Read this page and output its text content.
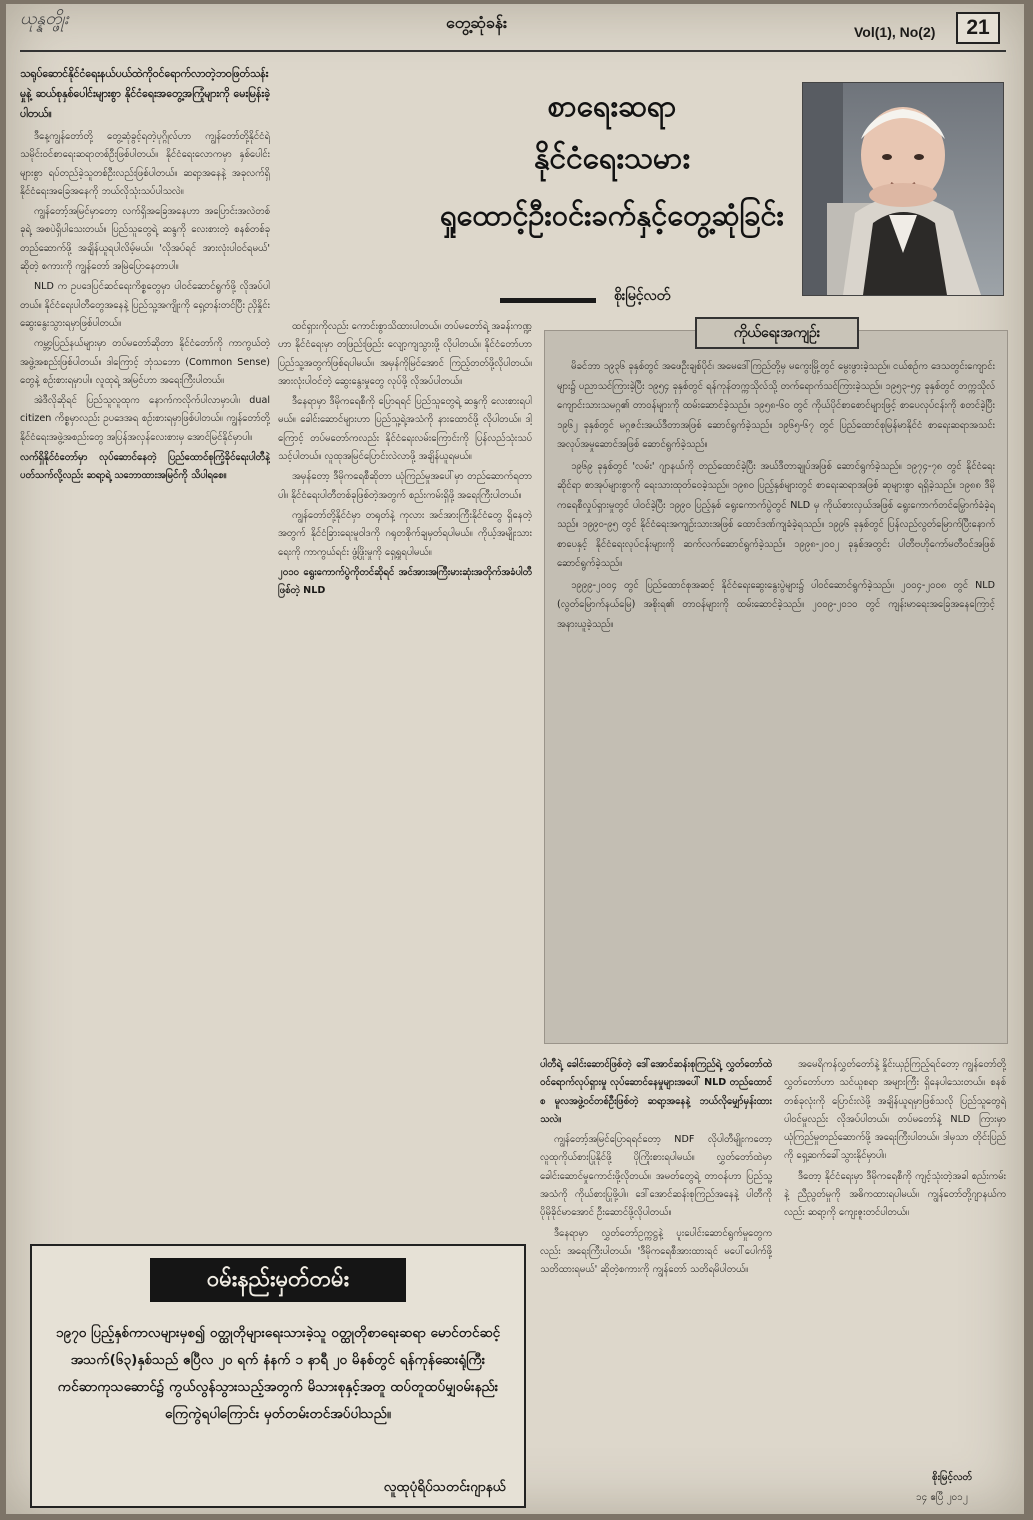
ယုန္နတ္ဖိုး	တွေ့ဆုံခန်း	Vol(1), No(2)	21
သရုပ်ဆောင်နိုင်ငံရေးနယ်ပယ်ထဲကိုဝင်ရောက်လာတဲ့ဘဝဖြတ်သန်းမှုနဲ့ ဆယ်စုနှစ်ပေါင်းများစွာ နိုင်ငံရေးအတွေ့အကြုံများကို မေးမြန်းခဲ့ပါတယ်။

ဒီနေ့ကျွန်တော်တို့ တွေ့ဆုံခွင့်ရတဲ့ပုဂ္ဂိုလ်ဟာ ကျွန်တော်တို့နိုင်ငံရဲ့ သမိုင်းဝင်စာရေးဆရာတစ်ဦးဖြစ်ပါတယ်။ နိုင်ငံရေးလောကမှာ နှစ်ပေါင်းများစွာ ရပ်တည်ခဲ့သူတစ်ဦးလည်းဖြစ်ပါတယ်။ ဆရာ့အနေနဲ့ အခုလက်ရှိနိုင်ငံရေးအခြေအနေကို ဘယ်လိုသုံးသပ်ပါသလဲ။

ကျွန်တော့်အမြင်မှာတော့ လက်ရှိအခြေအနေဟာ အပြောင်းအလဲတစ်ခုရဲ့ အစပဲရှိပါသေးတယ်။ ပြည်သူတွေရဲ့ ဆန္ဒကို လေးစားတဲ့ စနစ်တစ်ခု တည်ဆောက်ဖို့ အချိန်ယူရပါလိမ့်မယ်။ 'လိုအပ်ရင် အားလုံးပါဝင်ရမယ်' ဆိုတဲ့ စကားကို ကျွန်တော် အမြဲပြောနေတာပါ။

NLD က ဥပဒေပြင်ဆင်ရေးကိစ္စတွေမှာ ပါဝင်ဆောင်ရွက်ဖို့ လိုအပ်ပါတယ်။ နိုင်ငံရေးပါတီတွေအနေနဲ့ ပြည်သူ့အကျိုးကို ရှေ့တန်းတင်ပြီး ညှိနှိုင်းဆွေးနွေးသွားရမှာဖြစ်ပါတယ်။

ကမ္ဘာ့ပြည်နယ်များမှာ တပ်မတော်ဆိုတာ နိုင်ငံတော်ကို ကာကွယ်တဲ့ အဖွဲ့အစည်းဖြစ်ပါတယ်။ ဒါကြောင့် ဘုံသဘော (Common Sense) တွေနဲ့ စဉ်းစားရမှာပါ။ လူထုရဲ့ အမြင်ဟာ အရေးကြီးပါတယ်။

အဲဒီလိုဆိုရင် ပြည်သူလူထုက နောက်ကလိုက်ပါလာမှာပါ။ dual citizen ကိစ္စမှာလည်း ဥပဒေအရ စဉ်းစားရမှာဖြစ်ပါတယ်။ ကျွန်တော်တို့ နိုင်ငံရေးအဖွဲ့အစည်းတွေ အပြန်အလှန်လေးစားမှ အောင်မြင်နိုင်မှာပါ။

လက်ရှိနိုင်ငံတော်မှာ လုပ်ဆောင်နေတဲ့ ပြည်ထောင်စုကြံ့ခိုင်ရေးပါတီနဲ့ ပတ်သက်လို့လည်း ဆရာ့ရဲ့ သဘောထားအမြင်ကို သိပါရစေ။

စာရေးဆရာ
နိုင်ငံရေးသမား
ရှုထောင့်ဦးဝင်းခက်နှင့်တွေ့ဆုံခြင်း
စိုးမြင့်လတ်

ထင်ရှားကိုလည်း ကောင်းစွာသိထားပါတယ်။ တပ်မတော်ရဲ့ အခန်းကဏ္ဍဟာ နိုင်ငံရေးမှာ တဖြည်းဖြည်း လျော့ကျသွားဖို့ လိုပါတယ်။ နိုင်ငံတော်ဟာ ပြည်သူ့အတွက်ဖြစ်ရပါမယ်။ အမှန်ကိုမြင်အောင် ကြည့်တတ်ဖို့လိုပါတယ်။ အားလုံးပါဝင်တဲ့ ဆွေးနွေးမှုတွေ လုပ်ဖို့ လိုအပ်ပါတယ်။

ဒီနေရာမှာ ဒီမိုကရေစီကို ပြောရရင် ပြည်သူတွေရဲ့ ဆန္ဒကို လေးစားရပါမယ်။ ခေါင်းဆောင်များဟာ ပြည်သူ့ရဲ့အသံကို နားထောင်ဖို့ လိုပါတယ်။ ဒါ့ကြောင့် တပ်မတော်ကလည်း နိုင်ငံရေးလမ်းကြောင်းကို ပြန်လည်သုံးသပ်သင့်ပါတယ်။ လူထုအမြင်ပြောင်းလဲလာဖို့ အချိန်ယူရမယ်။

အမှန်တော့ ဒီမိုကရေစီဆိုတာ ယုံကြည်မှုအပေါ်မှာ တည်ဆောက်ရတာပါ။ နိုင်ငံရေးပါတီတစ်ခုဖြစ်တဲ့အတွက် စည်းကမ်းရှိဖို့ အရေးကြီးပါတယ်။

ကျွန်တော်တို့နိုင်ငံမှာ တရုတ်နဲ့ ကုလား အင်အားကြီးနိုင်ငံတွေ ရှိနေတဲ့အတွက် နိုင်ငံခြားရေးမူဝါဒကို ဂရုတစိုက်ချမှတ်ရပါမယ်။ ကိုယ့်အမျိုးသားရေးကို ကာကွယ်ရင်း ဖွံ့ဖြိုးမှုကို ရှေ့ရှုရပါမယ်။

၂၀၁၀ ရွေးကောက်ပွဲကိုတင်ဆိုရင် အင်အားအကြီးမားဆုံးအတိုက်အခံပါတီဖြစ်တဲ့ NLD

ကိုယ်ရေးအကျဉ်း

မိခင်ဘာ ၁၉၃၆ ခုနှစ်တွင် အဖေဦးချစ်ပိုင်၊ အမေဒေါ်ကြည်တို့မှ မကွေးမြို့တွင် မွေးဖွားခဲ့သည်။ ငယ်စဉ်က ဒေသတွင်းကျောင်းများ၌ ပညာသင်ကြားခဲ့ပြီး ၁၉၅၄ ခုနှစ်တွင် ရန်ကုန်တက္ကသိုလ်သို့ တက်ရောက်သင်ကြားခဲ့သည်။ ၁၉၅၃-၅၄ ခုနှစ်တွင် တက္ကသိုလ်ကျောင်းသားသမဂ္ဂ၏ တာဝန်များကို ထမ်းဆောင်ခဲ့သည်။ ၁၉၅၈-၆၀ တွင် ကိုယ်ပိုင်စာစောင်များဖြင့် စာပေလုပ်ငန်းကို စတင်ခဲ့ပြီး ၁၉၆၂ ခုနှစ်တွင် မဂ္ဂဇင်းအယ်ဒီတာအဖြစ် ဆောင်ရွက်ခဲ့သည်။ ၁၉၆၅-၆၇ တွင် ပြည်ထောင်စုမြန်မာနိုင်ငံ စာရေးဆရာအသင်း အလုပ်အမှုဆောင်အဖြစ် ဆောင်ရွက်ခဲ့သည်။

၁၉၆၉ ခုနှစ်တွင် 'လမ်း' ဂျာနယ်ကို တည်ထောင်ခဲ့ပြီး အယ်ဒီတာချုပ်အဖြစ် ဆောင်ရွက်ခဲ့သည်။ ၁၉၇၄-၇၈ တွင် နိုင်ငံရေးဆိုင်ရာ စာအုပ်များစွာကို ရေးသားထုတ်ဝေခဲ့သည်။ ၁၉၈၀ ပြည့်နှစ်များတွင် စာရေးဆရာအဖြစ် ဆုများစွာ ရရှိခဲ့သည်။ ၁၉၈၈ ဒီမိုကရေစီလှုပ်ရှားမှုတွင် ပါဝင်ခဲ့ပြီး ၁၉၉၀ ပြည့်နှစ် ရွေးကောက်ပွဲတွင် NLD မှ ကိုယ်စားလှယ်အဖြစ် ရွေးကောက်တင်မြှောက်ခံခဲ့ရသည်။ ၁၉၉၀-၉၅ တွင် နိုင်ငံရေးအကျဉ်းသားအဖြစ် ထောင်ဒဏ်ကျခံခဲ့ရသည်။ ၁၉၉၆ ခုနှစ်တွင် ပြန်လည်လွတ်မြောက်ပြီးနောက် စာပေနှင့် နိုင်ငံရေးလုပ်ငန်းများကို ဆက်လက်ဆောင်ရွက်ခဲ့သည်။ ၁၉၉၈-၂၀၀၂ ခုနှစ်အတွင်း ပါတီဗဟိုကော်မတီဝင်အဖြစ် ဆောင်ရွက်ခဲ့သည်။

၁၉၉၉-၂၀၀၄ တွင် ပြည်ထောင်စုအဆင့် နိုင်ငံရေးဆွေးနွေးပွဲများ၌ ပါဝင်ဆောင်ရွက်ခဲ့သည်။ ၂၀၀၄-၂၀၀၈ တွင် NLD (လွတ်မြောက်နယ်မြေ) အစိုးရ၏ တာဝန်များကို ထမ်းဆောင်ခဲ့သည်။ ၂၀၀၉-၂၀၁၀ တွင် ကျန်းမာရေးအခြေအနေကြောင့် အနားယူခဲ့သည်။

ပါတီရဲ့ ခေါင်းဆောင်ဖြစ်တဲ့ ဒေါ်အောင်ဆန်းစုကြည်ရဲ့ လွှတ်တော်ထဲ ဝင်ရောက်လုပ်ရှားမှု လုပ်ဆောင်နေမှုများအပေါ် NLD တည်ထောင်စ မူလအဖွဲ့ဝင်တစ်ဦးဖြစ်တဲ့ ဆရာ့အနေနဲ့ ဘယ်လိုမျှော်မှန်းထားသလဲ။

ကျွန်တော့်အမြင်ပြောရရင်တော့ NDF လိုပါတီမျိုးကတော့ လူထုကိုယ်စားပြုနိုင်ဖို့ ပိုကြိုးစားရပါမယ်။ လွှတ်တော်ထဲမှာ ခေါင်းဆောင်မှုကောင်းဖို့လိုတယ်။ အမတ်တွေရဲ့ တာဝန်ဟာ ပြည်သူ့အသံကို ကိုယ်စားပြုဖို့ပါ။ ဒေါ်အောင်ဆန်းစုကြည်အနေနဲ့ ပါတီကို ပိုမိုခိုင်မာအောင် ဦးဆောင်ဖို့လိုပါတယ်။

ဒီနေရာမှာ လွှတ်တော်ဥက္ကဋ္ဌနဲ့ ပူးပေါင်းဆောင်ရွက်မှုတွေကလည်း အရေးကြီးပါတယ်။ 'ဒီမိုကရေစီအားထားရင် မပေါ်ပေါက်ဖို့ သတိထားရမယ်' ဆိုတဲ့စကားကို ကျွန်တော် သတိရမိပါတယ်။

အမေရိကန်လွှတ်တော်နဲ့ နှိုင်းယှဉ်ကြည့်ရင်တော့ ကျွန်တော်တို့ လွှတ်တော်ဟာ သင်ယူစရာ အများကြီး ရှိနေပါသေးတယ်။ စနစ်တစ်ခုလုံးကို ပြောင်းလဲဖို့ အချိန်ယူရမှာဖြစ်သလို ပြည်သူတွေရဲ့ ပါဝင်မှုလည်း လိုအပ်ပါတယ်။ တပ်မတော်နဲ့ NLD ကြားမှာ ယုံကြည်မှုတည်ဆောက်ဖို့ အရေးကြီးပါတယ်။ ဒါမှသာ တိုင်းပြည်ကို ရှေ့ဆက်ခေါ်သွားနိုင်မှာပါ။

ဒီတော့ နိုင်ငံရေးမှာ ဒီမိုကရေစီကို ကျင့်သုံးတဲ့အခါ စည်းကမ်းနဲ့ ညီညွတ်မှုကို အဓိကထားရပါမယ်။ ကျွန်တော်တို့ဂျာနယ်ကလည်း ဆရာ့ကို ကျေးဇူးတင်ပါတယ်။

စိုးမြင့်လတ်
၁၄ ဧပြီ ၂၀၁၂
ဝမ်းနည်းမှတ်တမ်း
၁၉၇၀ ပြည့်နှစ်ကာလများမှစ၍ ဝတ္ထုတိုများရေးသားခဲ့သူ ဝတ္ထုတိုစာရေးဆရာ မောင်တင်ဆင့် အသက်(၆၃)နှစ်သည် ဧပြီလ ၂၀ ရက် နံနက် ၁ နာရီ ၂၀ မိနစ်တွင် ရန်ကုန်ဆေးရုံကြီး ကင်ဆာကုသဆောင်၌ ကွယ်လွန်သွားသည့်အတွက် မိသားစုနှင့်အတူ ထပ်တူထပ်မျှဝမ်းနည်းကြေကွဲရပါကြောင်း မှတ်တမ်းတင်အပ်ပါသည်။
လူထုပုံရိပ်သတင်းဂျာနယ်
